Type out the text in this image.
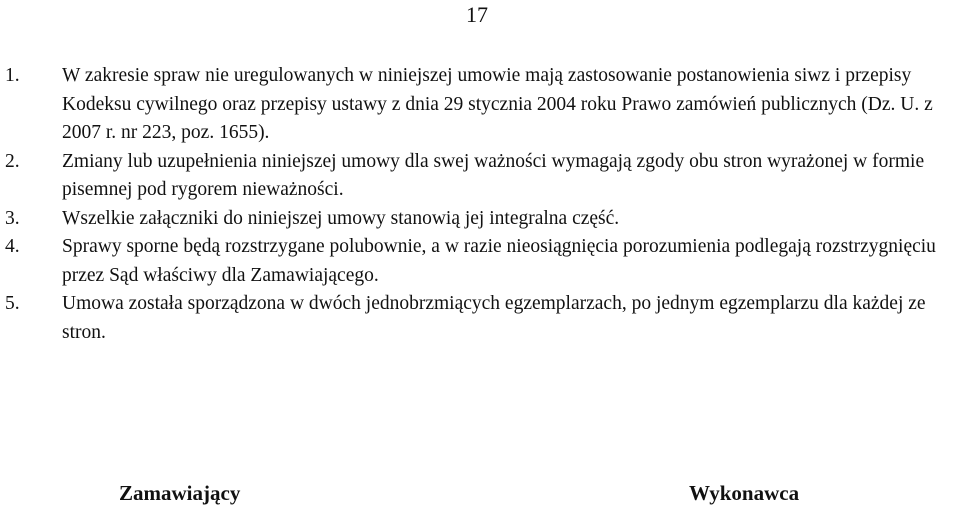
17
1. W zakresie spraw nie uregulowanych w niniejszej umowie mają zastosowanie postanowienia siwz i przepisy Kodeksu cywilnego oraz przepisy ustawy z dnia 29 stycznia 2004 roku Prawo zamówień publicznych (Dz. U. z 2007 r. nr 223, poz. 1655).
2. Zmiany lub uzupełnienia niniejszej umowy dla swej ważności wymagają zgody obu stron wyrażonej w formie pisemnej pod rygorem nieważności.
3. Wszelkie załączniki do niniejszej umowy stanowią jej integralna część.
4. Sprawy sporne będą rozstrzygane polubownie, a w razie nieosiągnięcia porozumienia podlegają rozstrzygnięciu przez Sąd właściwy dla Zamawiającego.
5. Umowa została sporządzona w dwóch jednobrzmiących egzemplarzach, po jednym egzemplarzu dla każdej ze stron.
Zamawiający	Wykonawca
